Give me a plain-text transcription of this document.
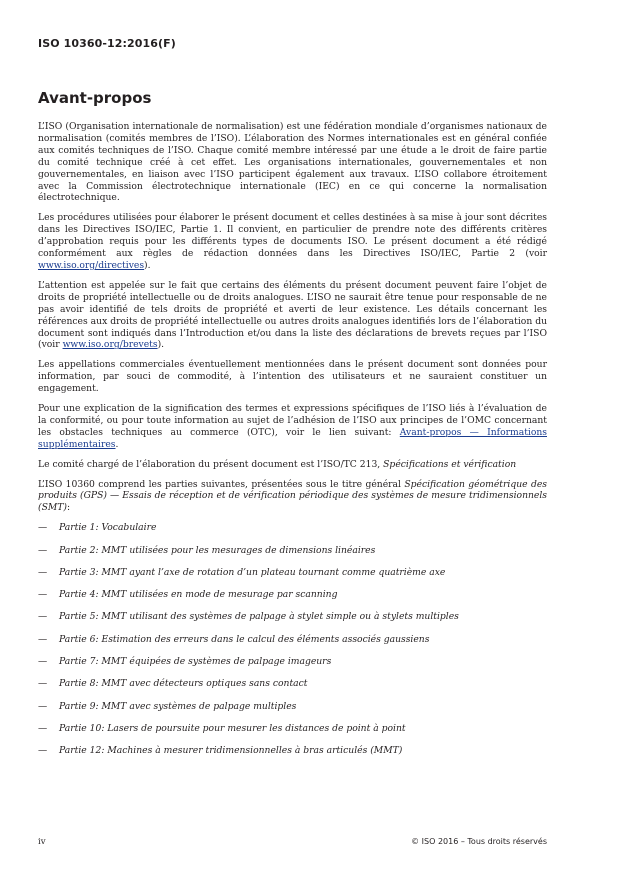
ISO 10360-12:2016(F)
Avant-propos

L’ISO (Organisation internationale de normalisation) est une fédération mondiale d’organismes nationaux de normalisation (comités membres de l’ISO). L’élaboration des Normes internationales est en général confiée aux comités techniques de l’ISO. Chaque comité membre intéressé par une étude a le droit de faire partie du comité technique créé à cet effet. Les organisations internationales, gouvernementales et non gouvernementales, en liaison avec l’ISO participent également aux travaux. L’ISO collabore étroitement avec la Commission électrotechnique internationale (IEC) en ce qui concerne la normalisation électrotechnique.

Les procédures utilisées pour élaborer le présent document et celles destinées à sa mise à jour sont décrites dans les Directives ISO/IEC, Partie 1. Il convient, en particulier de prendre note des différents critères d’approbation requis pour les différents types de documents ISO. Le présent document a été rédigé conformément aux règles de rédaction données dans les Directives ISO/IEC, Partie 2 (voir www.iso.org/directives).

L’attention est appelée sur le fait que certains des éléments du présent document peuvent faire l’objet de droits de propriété intellectuelle ou de droits analogues. L’ISO ne saurait être tenue pour responsable de ne pas avoir identifié de tels droits de propriété et averti de leur existence. Les détails concernant les références aux droits de propriété intellectuelle ou autres droits analogues identifiés lors de l’élaboration du document sont indiqués dans l’Introduction et/ou dans la liste des déclarations de brevets reçues par l’ISO (voir www.iso.org/brevets).

Les appellations commerciales éventuellement mentionnées dans le présent document sont données pour information, par souci de commodité, à l’intention des utilisateurs et ne sauraient constituer un engagement.

Pour une explication de la signification des termes et expressions spécifiques de l’ISO liés à l’évaluation de la conformité, ou pour toute information au sujet de l’adhésion de l’ISO aux principes de l’OMC concernant les obstacles techniques au commerce (OTC), voir le lien suivant: Avant-propos — Informations supplémentaires.

Le comité chargé de l’élaboration du présent document est l’ISO/TC 213, Spécifications et vérification

L’ISO 10360 comprend les parties suivantes, présentées sous le titre général Spécification géométrique des produits (GPS) — Essais de réception et de vérification périodique des systèmes de mesure tridimensionnels (SMT):

— Partie 1: Vocabulaire
— Partie 2: MMT utilisées pour les mesurages de dimensions linéaires
— Partie 3: MMT ayant l’axe de rotation d’un plateau tournant comme quatrième axe
— Partie 4: MMT utilisées en mode de mesurage par scanning
— Partie 5: MMT utilisant des systèmes de palpage à stylet simple ou à stylets multiples
— Partie 6: Estimation des erreurs dans le calcul des éléments associés gaussiens
— Partie 7: MMT équipées de systèmes de palpage imageurs
— Partie 8: MMT avec détecteurs optiques sans contact
— Partie 9: MMT avec systèmes de palpage multiples
— Partie 10: Lasers de poursuite pour mesurer les distances de point à point
— Partie 12: Machines à mesurer tridimensionnelles à bras articulés (MMT)
iv	© ISO 2016 – Tous droits réservés
